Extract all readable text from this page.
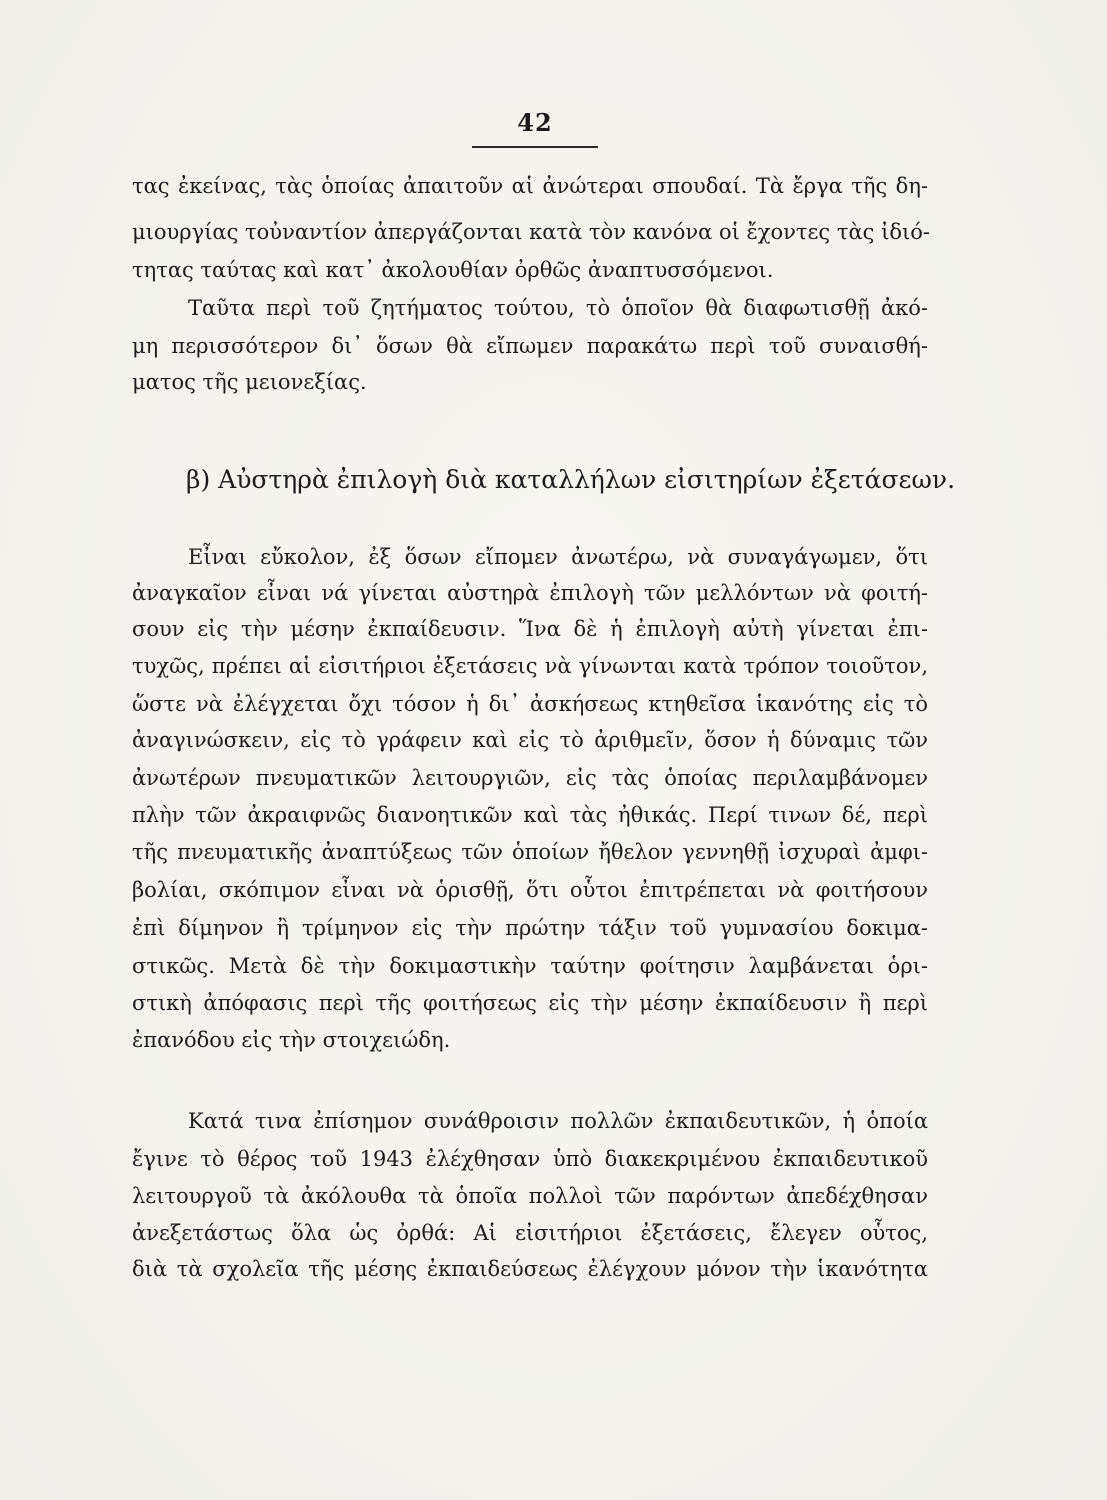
42
τας ἐκείνας, τὰς ὁποίας ἀπαιτοῦν αἱ ἀνώτεραι σπουδαί. Τὰ ἔργα τῆς δη-
μιουργίας τοὐναντίον ἀπεργάζονται κατὰ τὸν κανόνα οἱ ἔχοντες τὰς ἰδιό-
τητας ταύτας καὶ κατ᾽ ἀκολουθίαν ὀρθῶς ἀναπτυσσόμενοι.
Ταῦτα περὶ τοῦ ζητήματος τούτου, τὸ ὁποῖον θὰ διαφωτισθῇ ἀκό-
μη περισσότερον δι᾽ ὅσων θὰ εἴπωμεν παρακάτω περὶ τοῦ συναισθή-
ματος τῆς μειονεξίας.
β) Αὐστηρὰ ἐπιλογὴ διὰ καταλλήλων εἰσιτηρίων ἐξετάσεων.
Εἶναι εὔκολον, ἐξ ὅσων εἴπομεν ἀνωτέρω, νὰ συναγάγωμεν, ὅτι
ἀναγκαῖον εἶναι νά γίνεται αὐστηρὰ ἐπιλογὴ τῶν μελλόντων νὰ φοιτή-
σουν εἰς τὴν μέσην ἐκπαίδευσιν. Ἵνα δὲ ἡ ἐπιλογὴ αὐτὴ γίνεται ἐπι-
τυχῶς, πρέπει αἱ εἰσιτήριοι ἐξετάσεις νὰ γίνωνται κατὰ τρόπον τοιοῦτον,
ὥστε νὰ ἐλέγχεται ὄχι τόσον ἡ δι᾽ ἀσκήσεως κτηθεῖσα ἱκανότης εἰς τὸ
ἀναγινώσκειν, εἰς τὸ γράφειν καὶ εἰς τὸ ἀριθμεῖν, ὅσον ἡ δύναμις τῶν
ἀνωτέρων πνευματικῶν λειτουργιῶν, εἰς τὰς ὁποίας περιλαμβάνομεν
πλὴν τῶν ἀκραιφνῶς διανοητικῶν καὶ τὰς ἠθικάς. Περί τινων δέ, περὶ
τῆς πνευματικῆς ἀναπτύξεως τῶν ὁποίων ἤθελον γεννηθῇ ἰσχυραὶ ἀμφι-
βολίαι, σκόπιμον εἶναι νὰ ὁρισθῇ, ὅτι οὗτοι ἐπιτρέπεται νὰ φοιτήσουν
ἐπὶ δίμηνον ἢ τρίμηνον εἰς τὴν πρώτην τάξιν τοῦ γυμνασίου δοκιμα-
στικῶς. Μετὰ δὲ τὴν δοκιμαστικὴν ταύτην φοίτησιν λαμβάνεται ὁρι-
στικὴ ἀπόφασις περὶ τῆς φοιτήσεως εἰς τὴν μέσην ἐκπαίδευσιν ἢ περὶ
ἐπανόδου εἰς τὴν στοιχειώδη.
Κατά τινα ἐπίσημον συνάθροισιν πολλῶν ἐκπαιδευτικῶν, ἡ ὁποία
ἔγινε τὸ θέρος τοῦ 1943 ἐλέχθησαν ὑπὸ διακεκριμένου ἐκπαιδευτικοῦ
λειτουργοῦ τὰ ἀκόλουθα τὰ ὁποῖα πολλοὶ τῶν παρόντων ἀπεδέχθησαν
ἀνεξετάστως ὅλα ὡς ὀρθά: Αἱ εἰσιτήριοι ἐξετάσεις, ἔλεγεν οὗτος,
διὰ τὰ σχολεῖα τῆς μέσης ἐκπαιδεύσεως ἐλέγχουν μόνον τὴν ἱκανότητα
